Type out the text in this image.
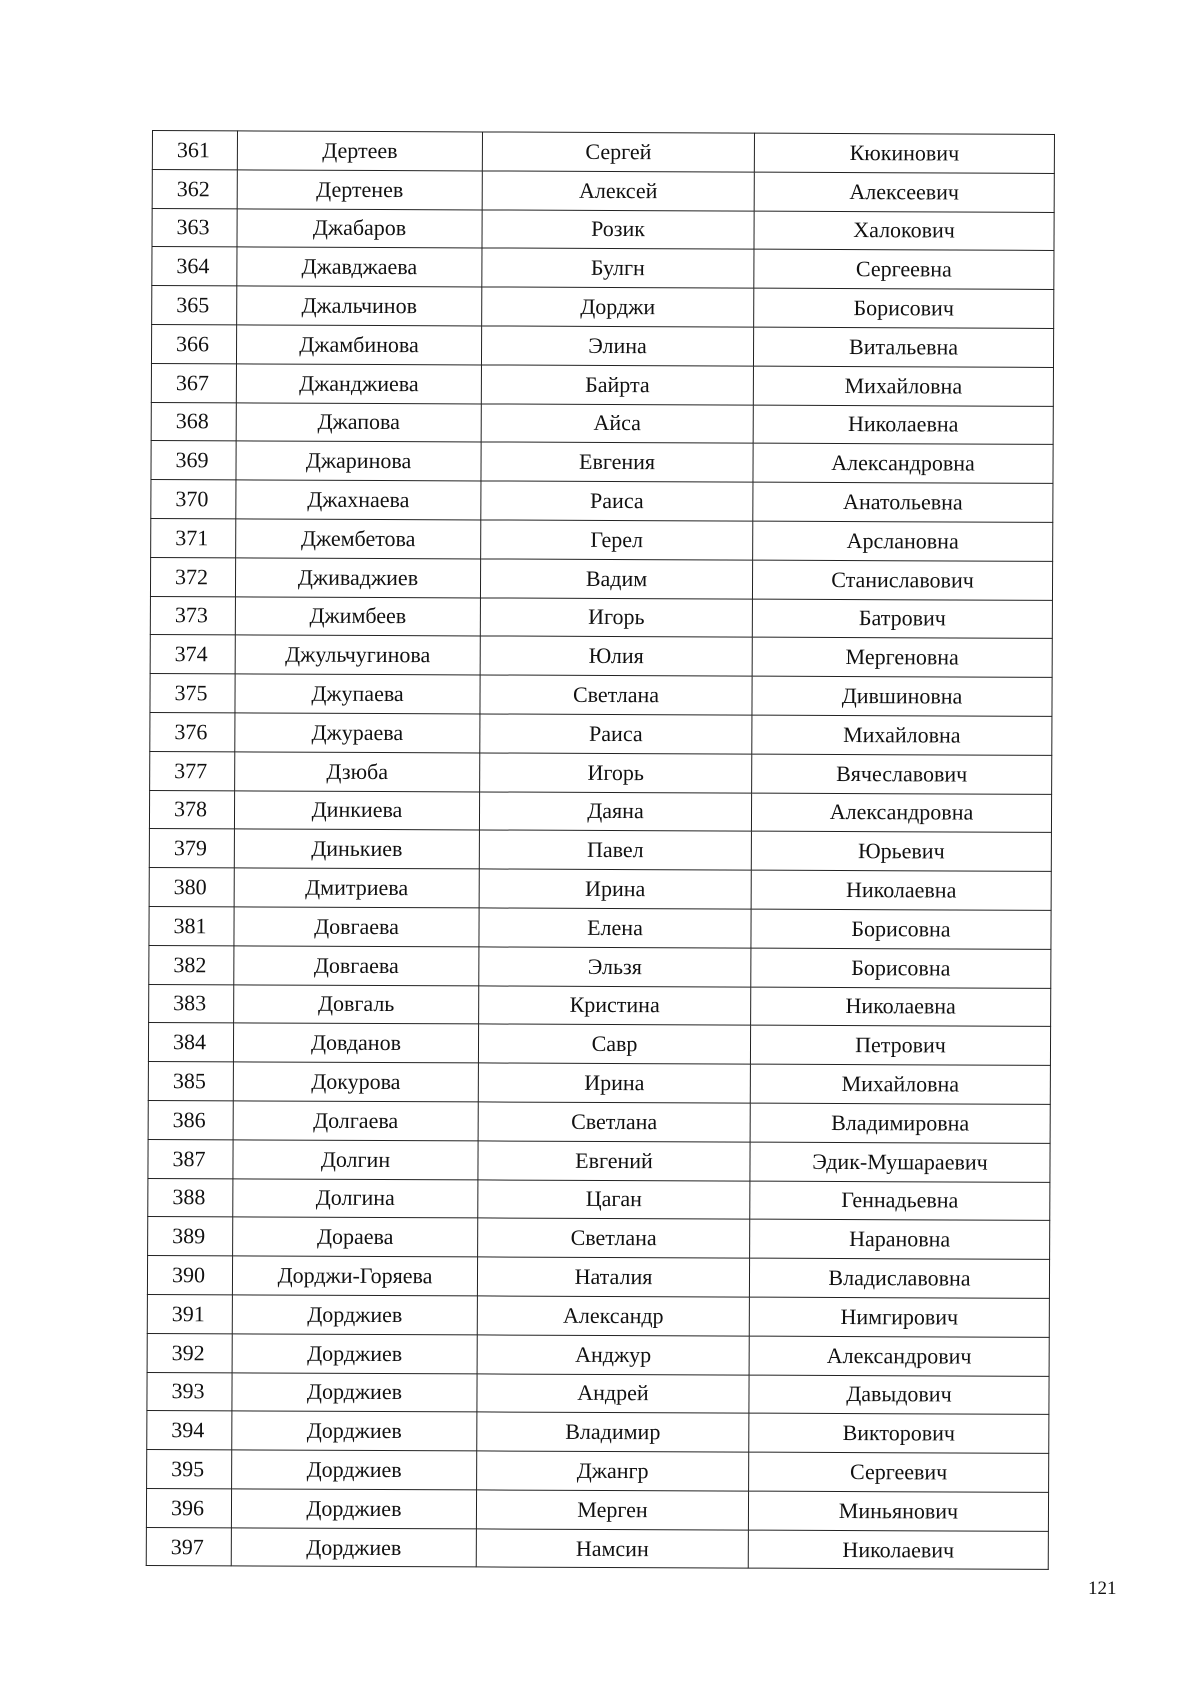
361	Дертеев	Сергей	Кюкинович
362	Дертенев	Алексей	Алексеевич
363	Джабаров	Розик	Халокович
364	Джавджаева	Булгн	Сергеевна
365	Джальчинов	Дорджи	Борисович
366	Джамбинова	Элина	Витальевна
367	Джанджиева	Байрта	Михайловна
368	Джапова	Айса	Николаевна
369	Джаринова	Евгения	Александровна
370	Джахнаева	Раиса	Анатольевна
371	Джембетова	Герел	Арслановна
372	Дживаджиев	Вадим	Станиславович
373	Джимбеев	Игорь	Батрович
374	Джульчугинова	Юлия	Мергеновна
375	Джупаева	Светлана	Дившиновна
376	Джураева	Раиса	Михайловна
377	Дзюба	Игорь	Вячеславович
378	Динкиева	Даяна	Александровна
379	Динькиев	Павел	Юрьевич
380	Дмитриева	Ирина	Николаевна
381	Довгаева	Елена	Борисовна
382	Довгаева	Эльзя	Борисовна
383	Довгаль	Кристина	Николаевна
384	Довданов	Савр	Петрович
385	Докурова	Ирина	Михайловна
386	Долгаева	Светлана	Владимировна
387	Долгин	Евгений	Эдик-Мушараевич
388	Долгина	Цаган	Геннадьевна
389	Дораева	Светлана	Нарановна
390	Дорджи-Горяева	Наталия	Владиславовна
391	Дорджиев	Александр	Нимгирович
392	Дорджиев	Анджур	Александрович
393	Дорджиев	Андрей	Давыдович
394	Дорджиев	Владимир	Викторович
395	Дорджиев	Джангр	Сергеевич
396	Дорджиев	Мерген	Миньянович
397	Дорджиев	Намсин	Николаевич
121
